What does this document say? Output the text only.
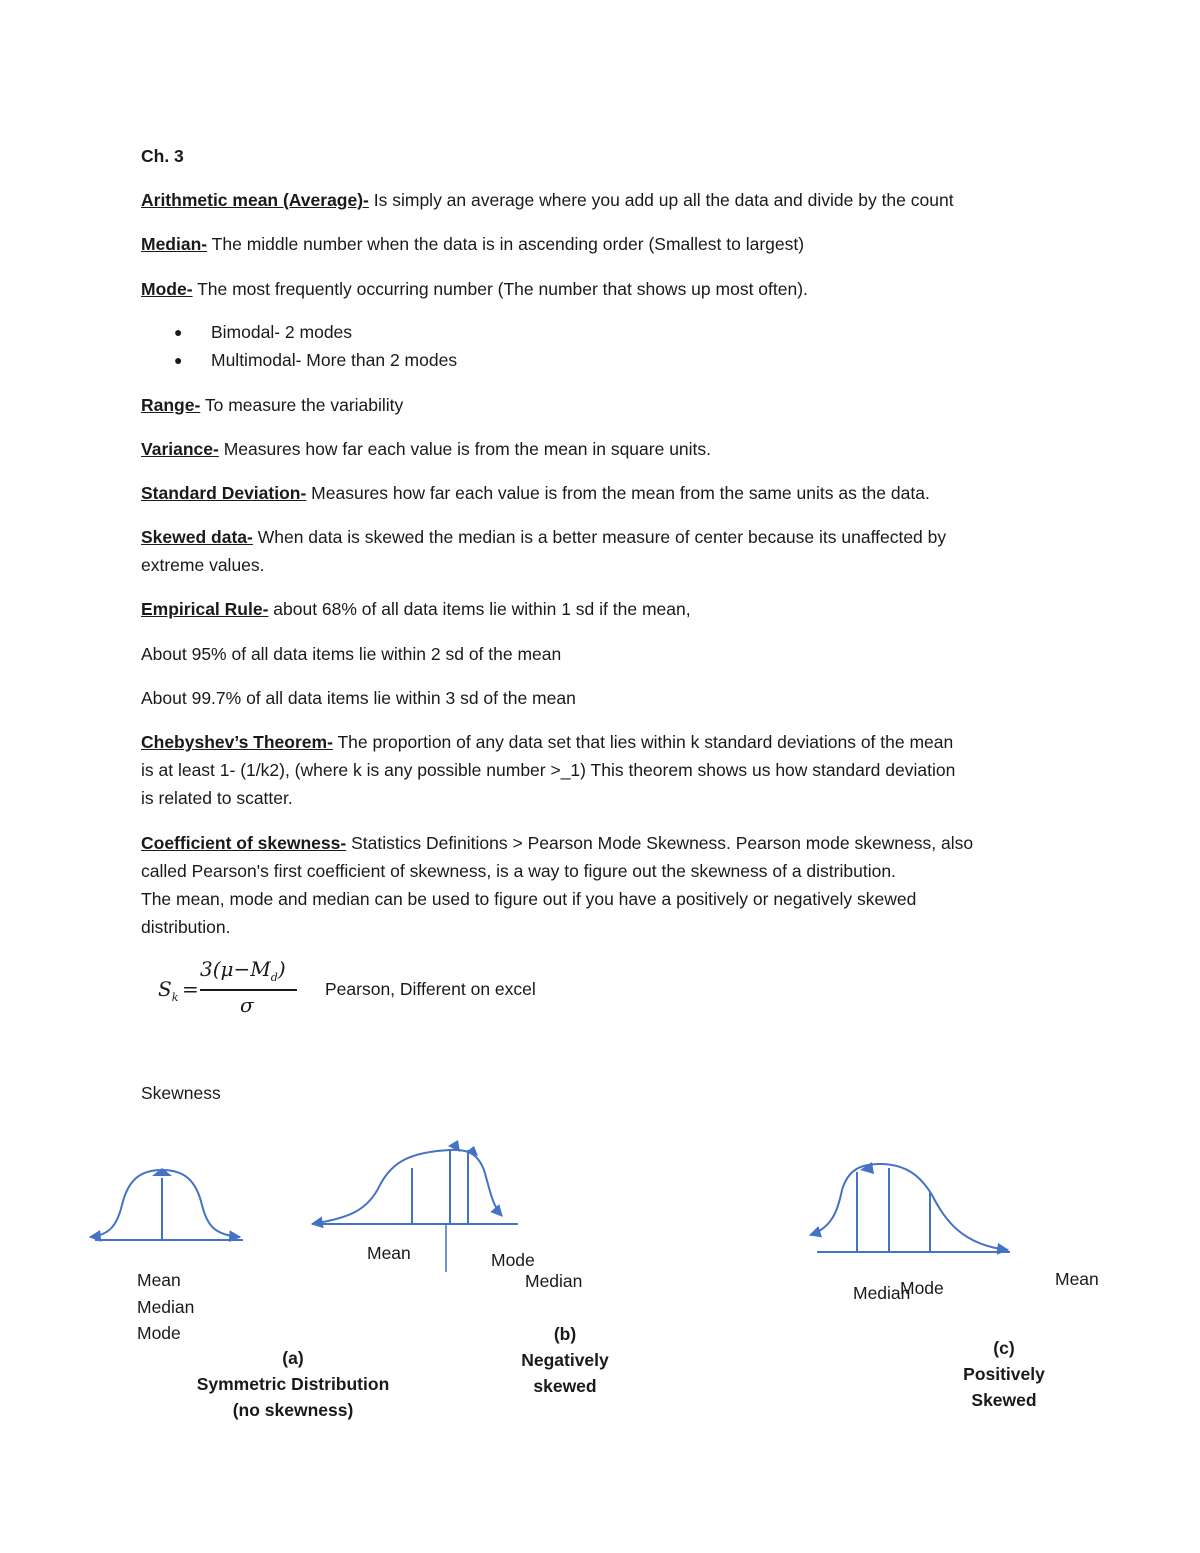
Ch. 3

Arithmetic mean (Average)- Is simply an average where you add up all the data and divide by the count

Median- The middle number when the data is in ascending order (Smallest to largest)

Mode- The most frequently occurring number (The number that shows up most often).

● Bimodal- 2 modes

● Multimodal- More than 2 modes

Range- To measure the variability

Variance- Measures how far each value is from the mean in square units.

Standard Deviation- Measures how far each value is from the mean from the same units as the data.

Skewed data- When data is skewed the median is a better measure of center because its unaffected by

extreme values.

Empirical Rule- about 68% of all data items lie within 1 sd if the mean,

About 95% of all data items lie within 2 sd of the mean

About 99.7% of all data items lie within 3 sd of the mean

Chebyshev’s Theorem- The proportion of any data set that lies within k standard deviations of the mean

is at least 1- (1/k2), (where k is any possible number >_1) This theorem shows us how standard deviation

is related to scatter.

Coefficient of skewness- Statistics Definitions > Pearson Mode Skewness. Pearson mode skewness, also

called Pearson's first coefficient of skewness, is a way to figure out the skewness of a distribution.

The mean, mode and median can be used to figure out if you have a positively or negatively skewed

distribution.

$S_k$ =
$3(\mu-M_d)$
σ

Pearson, Different on excel

Skewness

Mean
Median
Mode
(a)
Symmetric Distribution
(no skewness)
Mean	Mode
Median
(b)
Negatively
skewed
Median
Mode	Mean
(c)
Positively
Skewed
